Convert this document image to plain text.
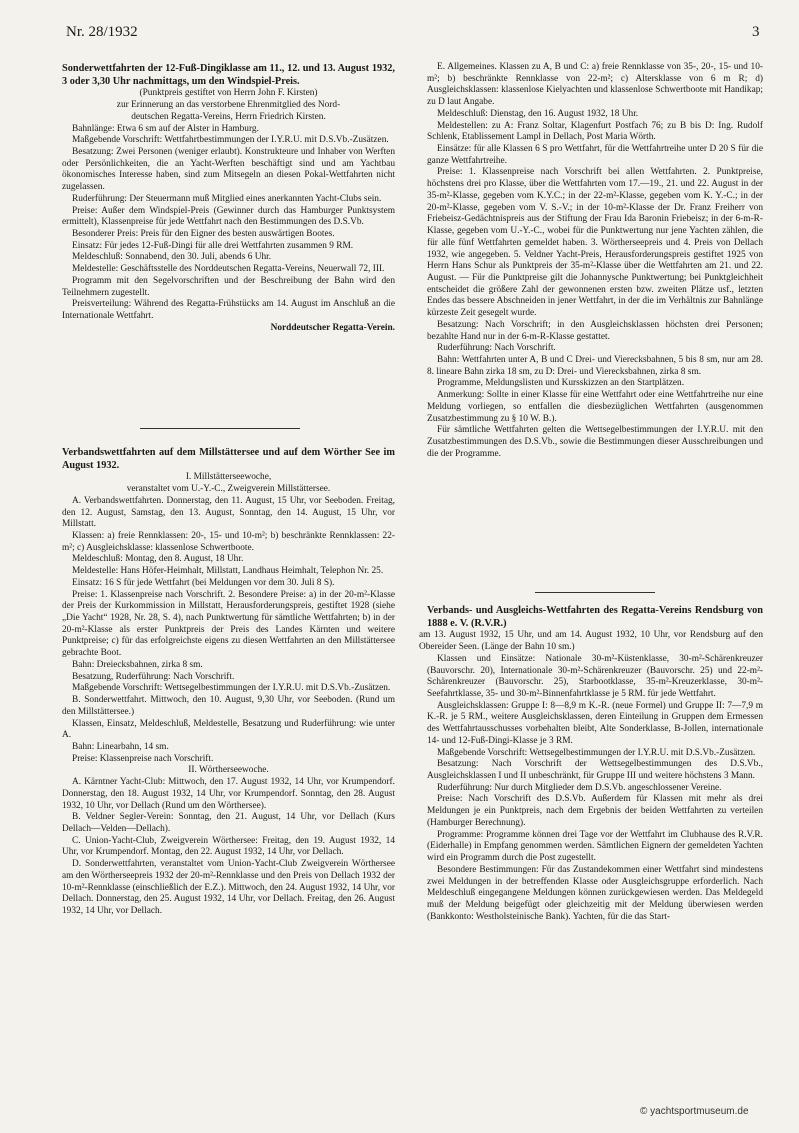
Nr. 28/1932	3

Sonderwettfahrten der 12-Fuß-Dingiklasse am 11., 12. und 13. August 1932, 3 oder 3,30 Uhr nachmittags, um den Windspiel-Preis.

(Punktpreis gestiftet von Herrn John F. Kirsten)

zur Erinnerung an das verstorbene Ehrenmitglied des Nord-

deutschen Regatta-Vereins, Herrn Friedrich Kirsten.

Bahnlänge: Etwa 6 sm auf der Alster in Hamburg.

Maßgebende Vorschrift: Wettfahrtbestimmungen der I.Y.R.U. mit D.S.Vb.-Zusätzen.

Besatzung: Zwei Personen (weniger erlaubt). Konstrukteure und Inhaber von Werften oder Persönlichkeiten, die an Yacht-Werften beschäftigt sind und am Yachtbau ökonomisches Interesse haben, sind zum Mitsegeln an diesen Pokal-Wettfahrten nicht zugelassen.

Ruderführung: Der Steuermann muß Mitglied eines anerkannten Yacht-Clubs sein.

Preise: Außer dem Windspiel-Preis (Gewinner durch das Hamburger Punktsystem ermittelt), Klassenpreise für jede Wettfahrt nach den Bestimmungen des D.S.Vb.

Besonderer Preis: Preis für den Eigner des besten auswärtigen Bootes.

Einsatz: Für jedes 12-Fuß-Dingi für alle drei Wettfahrten zusammen 9 RM.

Meldeschluß: Sonnabend, den 30. Juli, abends 6 Uhr.

Meldestelle: Geschäftsstelle des Norddeutschen Regatta-Vereins, Neuerwall 72, III.

Programm mit den Segelvorschriften und der Beschreibung der Bahn wird den Teilnehmern zugestellt.

Preisverteilung: Während des Regatta-Frühstücks am 14. August im Anschluß an die Internationale Wettfahrt.

Norddeutscher Regatta-Verein.

Verbandswettfahrten auf dem Millstättersee und auf dem Wörther See im August 1932.

I. Millstätterseewoche,

veranstaltet vom U.-Y.-C., Zweigverein Millstättersee.

A. Verbandswettfahrten. Donnerstag, den 11. August, 15 Uhr, vor Seeboden. Freitag, den 12. August, Samstag, den 13. August, Sonntag, den 14. August, 15 Uhr, vor Millstatt.

Klassen: a) freie Rennklassen: 20-, 15- und 10-m²; b) beschränkte Rennklassen: 22-m²; c) Ausgleichsklasse: klassenlose Schwertboote.

Meldeschluß: Montag, den 8. August, 18 Uhr.

Meldestelle: Hans Höfer-Heimhalt, Millstatt, Landhaus Heimhalt, Telephon Nr. 25.

Einsatz: 16 S für jede Wettfahrt (bei Meldungen vor dem 30. Juli 8 S).

Preise: 1. Klassenpreise nach Vorschrift. 2. Besondere Preise: a) in der 20-m²-Klasse der Preis der Kurkommission in Millstatt, Herausforderungspreis, gestiftet 1928 (siehe „Die Yacht“ 1928, Nr. 28, S. 4), nach Punktwertung für sämtliche Wettfahrten; b) in der 20-m²-Klasse als erster Punktpreis der Preis des Landes Kärnten und weitere Punktpreise; c) für das erfolgreichste eigens zu diesen Wettfahrten an den Millstättersee gebrachte Boot.

Bahn: Dreiecksbahnen, zirka 8 sm.

Besatzung, Ruderführung: Nach Vorschrift.

Maßgebende Vorschrift: Wettsegelbestimmungen der I.Y.R.U. mit D.S.Vb.-Zusätzen.

B. Sonderwettfahrt. Mittwoch, den 10. August, 9,30 Uhr, vor Seeboden. (Rund um den Millstättersee.)

Klassen, Einsatz, Meldeschluß, Meldestelle, Besatzung und Ruderführung: wie unter A.

Bahn: Linearbahn, 14 sm.

Preise: Klassenpreise nach Vorschrift.

II. Wörtherseewoche.

A. Kärntner Yacht-Club: Mittwoch, den 17. August 1932, 14 Uhr, vor Krumpendorf. Donnerstag, den 18. August 1932, 14 Uhr, vor Krumpendorf. Sonntag, den 28. August 1932, 10 Uhr, vor Dellach (Rund um den Wörthersee).

B. Veldner Segler-Verein: Sonntag, den 21. August, 14 Uhr, vor Dellach (Kurs Dellach—Velden—Dellach).

C. Union-Yacht-Club, Zweigverein Wörthersee: Freitag, den 19. August 1932, 14 Uhr, vor Krumpendorf. Montag, den 22. August 1932, 14 Uhr, vor Dellach.

D. Sonderwettfahrten, veranstaltet vom Union-Yacht-Club Zweigverein Wörthersee am den Wörtherseepreis 1932 der 20-m²-Rennklasse und den Preis von Dellach 1932 der 10-m²-Rennklasse (einschließlich der E.Z.). Mittwoch, den 24. August 1932, 14 Uhr, vor Dellach. Donnerstag, den 25. August 1932, 14 Uhr, vor Dellach. Freitag, den 26. August 1932, 14 Uhr, vor Dellach.

E. Allgemeines. Klassen zu A, B und C: a) freie Rennklasse von 35-, 20-, 15- und 10-m²; b) beschränkte Rennklasse von 22-m²; c) Altersklasse von 6 m R; d) Ausgleichsklassen: klassenlose Kielyachten und klassenlose Schwertboote mit Handikap; zu D laut Angabe.

Meldeschluß: Dienstag, den 16. August 1932, 18 Uhr.

Meldestellen: zu A: Franz Soltar, Klagenfurt Postfach 76; zu B bis D: Ing. Rudolf Schlenk, Etablissement Lampl in Dellach, Post Maria Wörth.

Einsätze: für alle Klassen 6 S pro Wettfahrt, für die Wettfahrtreihe unter D 20 S für die ganze Wettfahrtreihe.

Preise: 1. Klassenpreise nach Vorschrift bei allen Wettfahrten. 2. Punktpreise, höchstens drei pro Klasse, über die Wettfahrten vom 17.—19., 21. und 22. August in der 35-m²-Klasse, gegeben vom K.Y.C.; in der 22-m²-Klasse, gegeben vom K. Y.-C.; in der 20-m²-Klasse, gegeben vom V. S.-V.; in der 10-m²-Klasse der Dr. Franz Freiherr von Friebeisz-Gedächtnispreis aus der Stiftung der Frau Ida Baronin Friebeisz; in der 6-m-R-Klasse, gegeben vom U.-Y.-C., wobei für die Punktwertung nur jene Yachten zählen, die für alle fünf Wettfahrten gemeldet haben. 3. Wörtherseepreis und 4. Preis von Dellach 1932, wie angegeben. 5. Veldner Yacht-Preis, Herausforderungspreis gestiftet 1925 von Herrn Hans Schur als Punktpreis der 35-m²-Klasse über die Wettfahrten am 21. und 22. August. — Für die Punktpreise gilt die Johannysche Punktwertung; bei Punktgleichheit entscheidet die größere Zahl der gewonnenen ersten bzw. zweiten Plätze usf., letzten Endes das bessere Abschneiden in jener Wettfahrt, in der die im Verhältnis zur Bahnlänge kürzeste Zeit gesegelt wurde.

Besatzung: Nach Vorschrift; in den Ausgleichsklassen höchsten drei Personen; bezahlte Hand nur in der 6-m-R-Klasse gestattet.

Ruderführung: Nach Vorschrift.

Bahn: Wettfahrten unter A, B und C Drei- und Vierecksbahnen, 5 bis 8 sm, nur am 28. 8. lineare Bahn zirka 18 sm, zu D: Drei- und Vierecksbahnen, zirka 8 sm.

Programme, Meldungslisten und Kursskizzen an den Startplätzen.

Anmerkung: Sollte in einer Klasse für eine Wettfahrt oder eine Wettfahrtreihe nur eine Meldung vorliegen, so entfallen die diesbezüglichen Wettfahrten (ausgenommen Zusatzbestimmung zu § 10 W. B.).

Für sämtliche Wettfahrten gelten die Wettsegelbestimmungen der I.Y.R.U. mit den Zusatzbestimmungen des D.S.Vb., sowie die Bestimmungen dieser Ausschreibungen und die der Programme.

Verbands- und Ausgleichs-Wettfahrten des Regatta-Vereins Rendsburg von 1888 e. V. (R.V.R.)

am 13. August 1932, 15 Uhr, und am 14. August 1932, 10 Uhr, vor Rendsburg auf den Obereider Seen. (Länge der Bahn 10 sm.)

Klassen und Einsätze: Nationale 30-m²-Küstenklasse, 30-m²-Schärenkreuzer (Bauvorschr. 20), Internationale 30-m²-Schärenkreuzer (Bauvorschr. 25) und 22-m²-Schärenkreuzer (Bauvorschr. 25), Starbootklasse, 35-m²-Kreuzerklasse, 30-m²-Seefahrtklasse, 35- und 30-m²-Binnenfahrtklasse je 5 RM. für jede Wettfahrt.

Ausgleichsklassen: Gruppe I: 8—8,9 m K.-R. (neue Formel) und Gruppe II: 7—7,9 m K.-R. je 5 RM., weitere Ausgleichsklassen, deren Einteilung in Gruppen dem Ermessen des Wettfahrtausschusses vorbehalten bleibt, Alte Sonderklasse, B-Jollen, internationale 14- und 12-Fuß-Dingi-Klasse je 3 RM.

Maßgebende Vorschrift: Wettsegelbestimmungen der I.Y.R.U. mit D.S.Vb.-Zusätzen.

Besatzung: Nach Vorschrift der Wettsegelbestimmungen des D.S.Vb., Ausgleichsklassen I und II unbeschränkt, für Gruppe III und weitere höchstens 3 Mann.

Ruderführung: Nur durch Mitglieder dem D.S.Vb. angeschlossener Vereine.

Preise: Nach Vorschrift des D.S.Vb. Außerdem für Klassen mit mehr als drei Meldungen je ein Punktpreis, nach dem Ergebnis der beiden Wettfahrten zu verteilen (Hamburger Berechnung).

Programme: Programme können drei Tage vor der Wettfahrt im Clubhause des R.V.R. (Eiderhalle) in Empfang genommen werden. Sämtlichen Eignern der gemeldeten Yachten wird ein Programm durch die Post zugestellt.

Besondere Bestimmungen: Für das Zustandekommen einer Wettfahrt sind mindestens zwei Meldungen in der betreffenden Klasse oder Ausgleichsgruppe erforderlich. Nach Meldeschluß eingegangene Meldungen können zurückgewiesen werden. Das Meldegeld muß der Meldung beigefügt oder gleichzeitig mit der Meldung überwiesen werden (Bankkonto: Westholsteinische Bank). Yachten, für die das Start-

© yachtsportmuseum.de
